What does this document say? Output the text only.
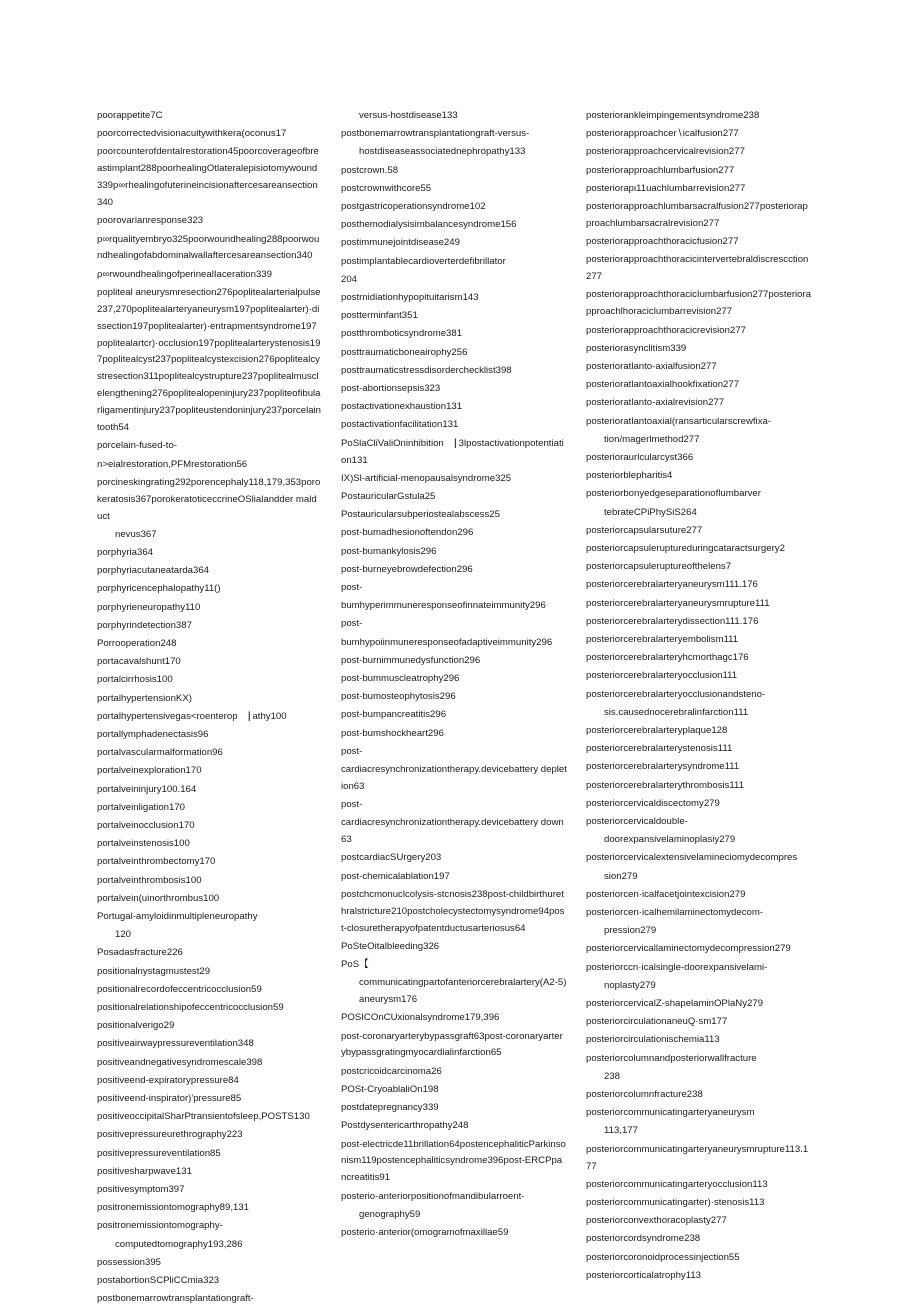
poorappetite7C
poorcorrectedvisionacuitywithkera(oconus17
poorcounterofdentalrestoration45poorcoverageofbreastimplant288poorhealingOtlateralepisiotomywound339p∞rhealingofuterineincisionaftercesareansection340
poorovarianresponse323
p∞rqualityembryo325poorwoundhealing288poorwoundhealingofabdominalwallaftercesareansection340
ρ∞rwoundhealingofperinealIaceration339
popliteal aneurysmresection276poplitealarterialpulse237,270poplitealarteryaneurysm197poplitealarter)·dissection197poplitealarter)·entrapmentsyndrome197poplitealartcr)·occlusion197poplitealarterystenosis197poplitealcyst237poplitealcystexcision276poplitealcystresection311poplitealcystrupture237poplitealmusclelengthening276poplitealopeninjury237popliteofibularligamentinjury237popliteustendoninjury237porcelaintooth54
porcelain-fused-to-
n>eialrestoration,PFMrestoration56
porcineskingrating292porencephaly118,179,353porokeratosis367porokeratoticeccrineOSlialandder malduct
nevus367
porphyria364
porphyriacutaneatarda364
porphyricencephalopathy11()
porphyrieneuropathy110
porphyrindetection387
Porrooperation248
portacavalshunt170
portalcirrhosis100
portalhypertensionKX)
portalhypertensivegas<roenterop ⎹ athy100
portallymphadenectasis96
portalvascularmalformation96
portalveinexploration170
portalveininjury100.164
portalveinligation170
portalveinocclusion170
portalveinstenosis100
portalveinthrombectomy170
portalveinthrombosis100
portalvein(uinorthrombus100
Portugal-amyloidinmultipleneuropathy
120
Posadasfracture226
positionalnystagmustest29
positionalrecordofeccentricocclusion59
positionalrelationshipofeccentricocclusion59
positionalverigo29
positiveairwaypressureventilation348
positiveandnegativesyndromescale398
positiveend-expiratorypressure84
positiveend-inspirator)'pressure85
positiveoccipitalSharPtransientofsleep,POSTS130
positivepressureurethrography223
positivepressureventilation85
positivesharpwave131
positivesymptom397
positronemissiontomography89,131
positronemissiontomography-
computedtomography193,286
possession395
postabortionSCPliCCmia323
postbonemarrowtransplantationgraft-
versus-hostdisease133
postbonemarrowtransplantationgraft-versus-
hostdiseaseassociatednephropathy133
postcrown.58
postcrownwithcore55
postgastricoperationsyndrome102
posthemodialysisimbalancesyndrome156
postimmunejointdisease249
postimplantablecardioverterdefibrillator
204
postrnidiationhypopituitarism143
postterminfant351
postthromboticsyndrome381
posttraumaticboneairophy256
posttraumaticstressdisorderchecklist398
post-abortionsepsis323
postactivationexhaustion131
postactivationfacilitation131
PoSlaCliValiOninhibition ⎹ 3lpostactivationpotentiation131
IX)Sl-artificial-menopausalsyndrome325
PostauricularGstula25
Postauricularsubperiostealabscess25
post-bumadhesionoftendon296
post-bumankylosis296
post-burneyebrowdefection296
post-
bumhyperimmuneresponseofinnateimmunity296
post-
bumhypoiinmuneresponseofadaptiveimmunity296
post-burnimmunedysfunction296
post-bummuscleatrophy296
post-bumosteophytosis296
post-bumpancreatitis296
post-bumshockheart296
post-
cardiacresynchronizationtherapy.devicebattery depletion63
post-
cardiacresynchronizationtherapy.devicebattery down63
postcardiacSUrgery203
post-chemicalablation197
postchcmonuclcolysis-stcnosis238post-childbirthurethralstricture210postcholecystectomysyndrome94post-closuretherapyofpatentductusarteriosus64
PoSteOitalbleeding326
PoS【
communicatingpartofanteriorcerebralartery(A2-5)aneurysm176
POSICOnCUxionalsyndrome179,396
post-coronaryarterybypassgraft63post-coronaryarterybypassgratingmyocardialinfarction65
postcricoidcarcinoma26
POSt-CryoablaliOn198
postdatepregnancy339
Postdysentericarthropathy248
post-electricde11brillation64postencephaliticParkinsonism119postencephaliticsyndrome396post-ERCPpancreatitis91
posterio-anteriorpositionofmandibularroent-
genography59
posterio·anterior(omogramofmaxillae59
posteriorankleimpingementsyndrome238
posteriorapproachcer∖icalfusion277
posteriorapproachcervicalrevision277
posteriorapproachlumbarfusion277
posteriorapι11uachlumbarrevision277
posteriorapproachlumbarsacralfusion277posteriorapproachlumbarsacralrevision277
posteriorapproachthoracicfusion277
posteriorapproachthoracicintervertebraldiscrescction277
posteriorapproachthoracicIumbarfusion277posteriorapproachlhoraciclumbarrevision277
posteriorapproachthoracicrevision277
posteriorasynclitism339
posterioratlanto-axialfusion277
posterioratlantoaxialhookfixation277
posterioratlanto-axialrevision277
posterioratlantoaxial(ransarticularscrewfixa-
tion/magerlmethod277
posterioraurlcularcyst366
posteriorblepharitis4
posteriorbonyedgeseparationoflumbarver
tebrateCPiPhySiS264
posteriorcapsularsuture277
posteriorcapsuleruptureduringcataractsurgery2
posteriorcapsuleruptureofthelens7
posteriorcerebralarteryaneurysm111.176
posteriorcerebralarteryaneurysmrupture111
posteriorcerebralarterydissection111.176
posteriorcerebralarteryembolism111
posteriorcerebralarteryhcmorthagc176
posteriorcerebralarteryocclusion111
posteriorcerebralarteryocclusionandsteno-
sis.causednocerebralinfarction111
posteriorcerebralarteryplaque128
posteriorcerebralarterystenosis111
posteriorcerebralarterysyndrome111
posteriorcerebralarterythrombosis111
posteriorcervicaldiscectomy279
posteriorcervicaldouble-
doorexpansivelaminoplasiy279
posteriorcervicalextensivelamineciomydecompres
sion279
posteriorcen·icalfacetjointexcision279
posteriorcen·icalhemilaminectomydecom-
pression279
posteriorcervicallaminectomydecompression279
posteriorccn·icalsingle-doorexpansivelami-
noplasty279
posteriorcervicalZ-shapelaminOPlaNy279
posteriorcirculationaneuQ·sm177
posteriorcirculationischemia113
posteriorcolumnandposteriorwallfracture
238
posteriorcolumnfracture238
posteriorcommunicatingarteryaneurysm
113,177
posteriorcommunicatingarteryaneurysmrupture113.177
posteriorcommunicatingarteryocclusion113
posteriorcommunicatingarter)·stenosis113
posteriorconvexthoracoplasty277
posteriorcordsyndrome238
posteriorcoronoidprocessinjection55
posteriorcorticalatrophy113
